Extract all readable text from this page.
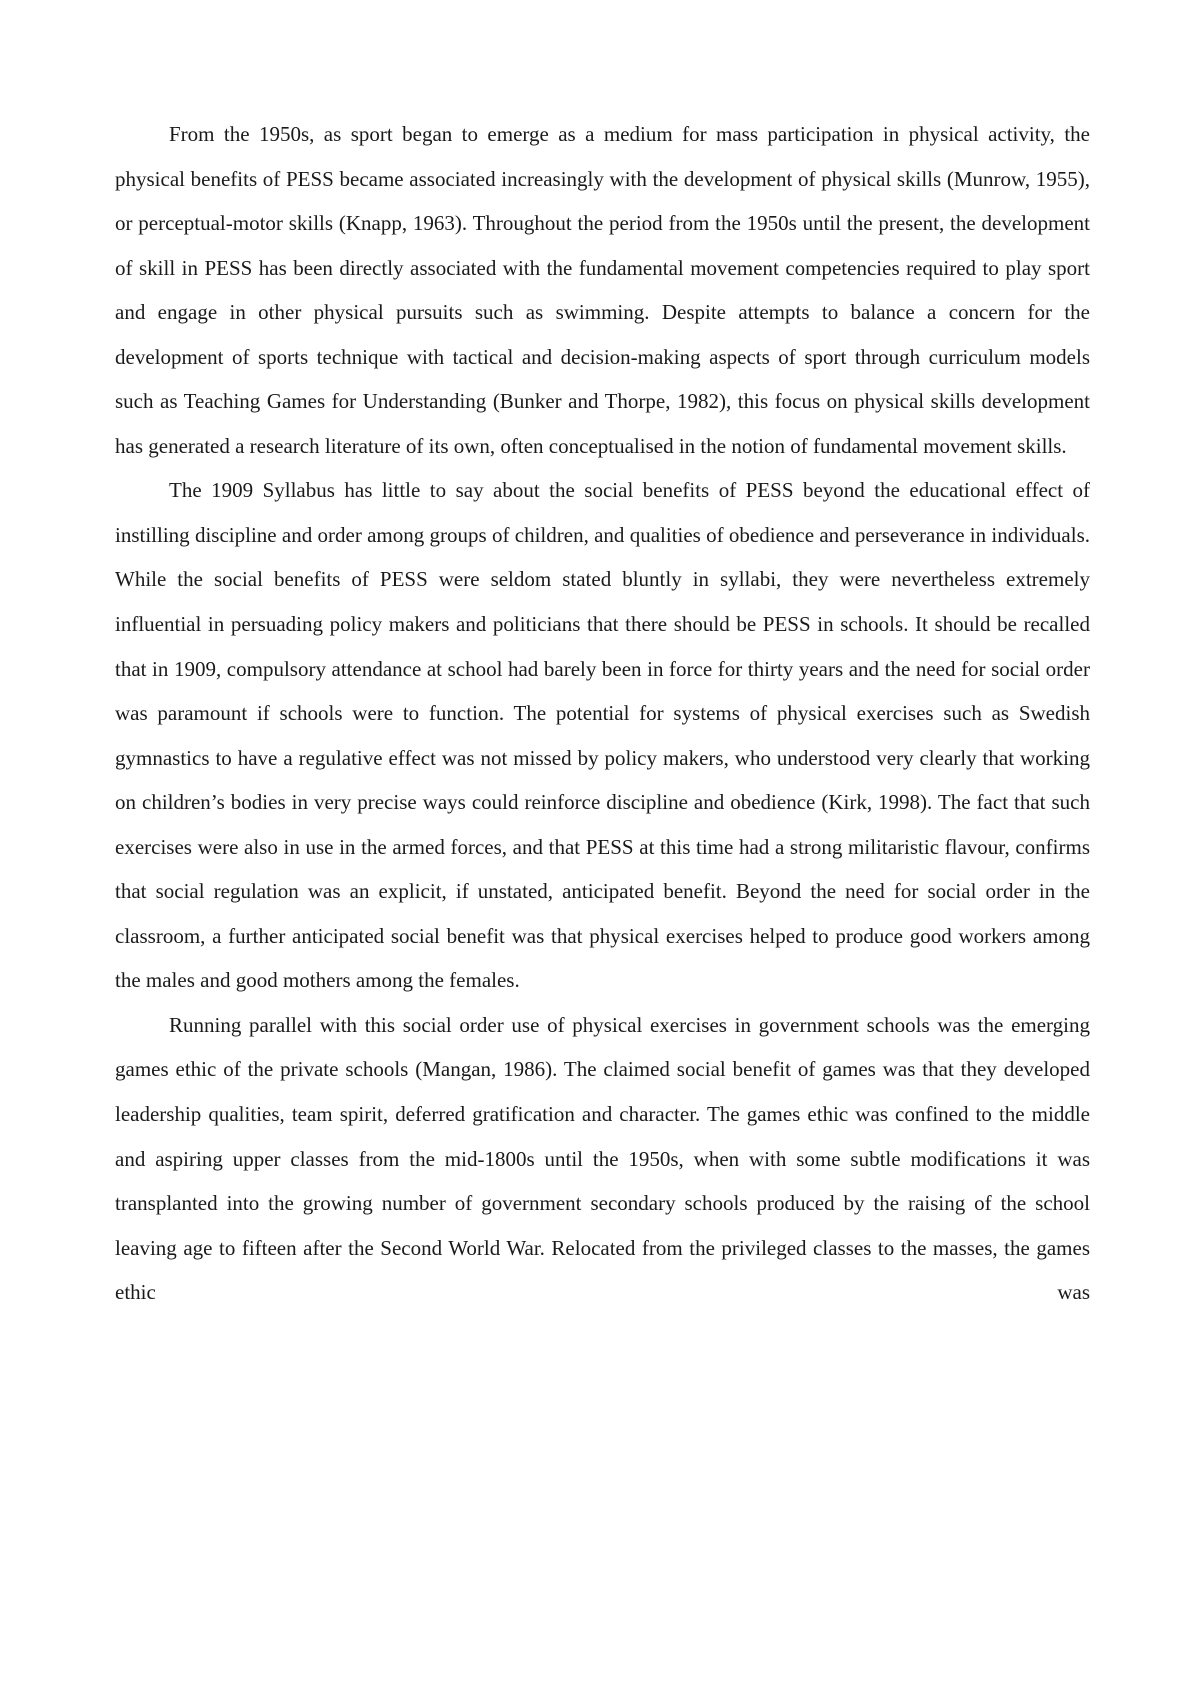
From the 1950s, as sport began to emerge as a medium for mass participation in physical activity, the physical benefits of PESS became associated increasingly with the development of physical skills (Munrow, 1955), or perceptual-motor skills (Knapp, 1963). Throughout the period from the 1950s until the present, the development of skill in PESS has been directly associated with the fundamental movement competencies required to play sport and engage in other physical pursuits such as swimming. Despite attempts to balance a concern for the development of sports technique with tactical and decision-making aspects of sport through curriculum models such as Teaching Games for Understanding (Bunker and Thorpe, 1982), this focus on physical skills development has generated a research literature of its own, often conceptualised in the notion of fundamental movement skills.

The 1909 Syllabus has little to say about the social benefits of PESS beyond the educational effect of instilling discipline and order among groups of children, and qualities of obedience and perseverance in individuals. While the social benefits of PESS were seldom stated bluntly in syllabi, they were nevertheless extremely influential in persuading policy makers and politicians that there should be PESS in schools. It should be recalled that in 1909, compulsory attendance at school had barely been in force for thirty years and the need for social order was paramount if schools were to function. The potential for systems of physical exercises such as Swedish gymnastics to have a regulative effect was not missed by policy makers, who understood very clearly that working on children’s bodies in very precise ways could reinforce discipline and obedience (Kirk, 1998). The fact that such exercises were also in use in the armed forces, and that PESS at this time had a strong militaristic flavour, confirms that social regulation was an explicit, if unstated, anticipated benefit. Beyond the need for social order in the classroom, a further anticipated social benefit was that physical exercises helped to produce good workers among the males and good mothers among the females.

Running parallel with this social order use of physical exercises in government schools was the emerging games ethic of the private schools (Mangan, 1986). The claimed social benefit of games was that they developed leadership qualities, team spirit, deferred gratification and character. The games ethic was confined to the middle and aspiring upper classes from the mid-1800s until the 1950s, when with some subtle modifications it was transplanted into the growing number of government secondary schools produced by the raising of the school leaving age to fifteen after the Second World War. Relocated from the privileged classes to the masses, the games ethic was
